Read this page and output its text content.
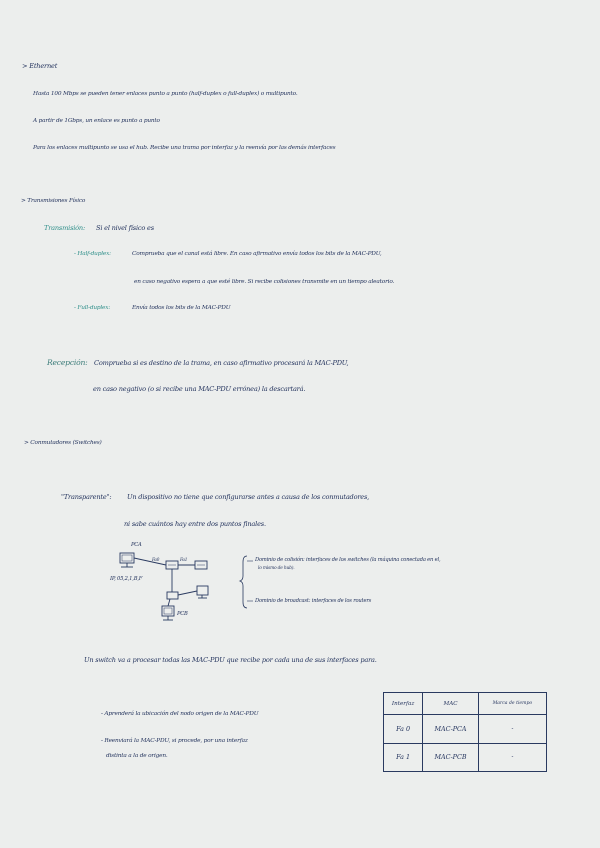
> Ethernet
Hasta 100 Mbps se pueden tener enlaces punto a punto (half-duplex o full-duplex) o multipunto.
A partir de 1Gbps, un enlace es punto a punto
Para los enlaces multipunto se usa el hub. Recibe una trama por interfaz y la reenvía por las demás interfaces
> Transmisiones Físico
Transmisión: Si el nivel físico es
- Half-duplex:	Comprueba que el canal está libre. En caso afirmativo envía todos los bits de la MAC-PDU,
en caso negativo espera a que esté libre. Si recibe colisiones transmite en un tiempo aleatorio.
- Full-duplex:	Envía todos los bits de la MAC-PDU
Recepción: Comprueba si es destino de la trama, en caso afirmativo procesará la MAC-PDU,
en caso negativo (o si recibe una MAC-PDU errónea) la descartará.
> Conmutadores (Switches)
"Transparente": Un dispositivo no tiene que configurarse antes a causa de los conmutadores,
ni sabe cuántos hay entre dos puntos finales.
PCA
Fa0	Fa1
IP, 05,2,1,B,F
PCB
Dominio de colisión: interfaces de los switches (la máquina conectada en el,
lo mismo de hub).
Dominio de broadcast: interfaces de los routers
Un switch va a procesar todas las MAC-PDU que recibe por cada una de sus interfaces para.
- Aprenderá la ubicación del nodo origen de la MAC-PDU
- Reenviará la MAC-PDU, si procede, por una interfaz
distinta a la de origen.
Interfaz	MAC	Marca de tiempo
Fa 0	MAC-PCA	-
Fa 1	MAC-PCB	-
